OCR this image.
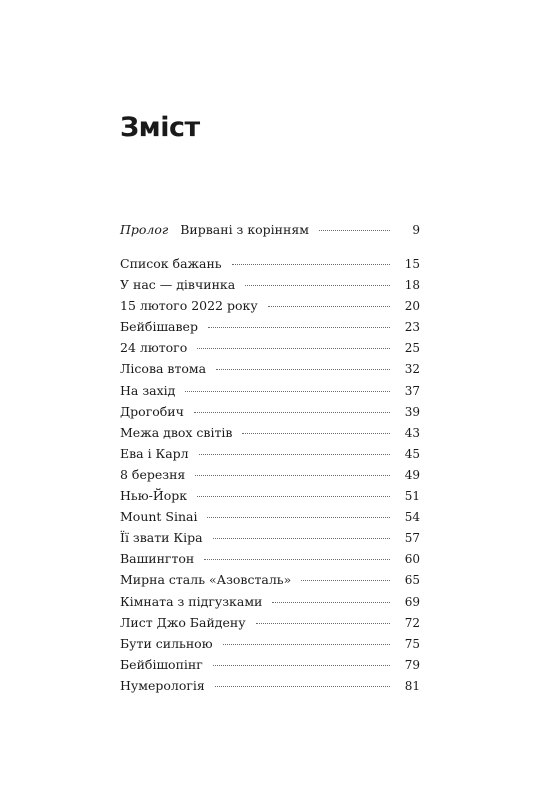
Зміст
Пролог Вирвані з корінням	9
Список бажань	15
У нас — дівчинка	18
15 лютого 2022 року	20
Бейбішавер	23
24 лютого	25
Лісова втома	32
На захід	37
Дрогобич	39
Межа двох світів	43
Ева і Карл	45
8 березня	49
Нью-Йорк	51
Mount Sinai	54
Її звати Кіра	57
Вашингтон	60
Мирна сталь «Азовсталь»	65
Кімната з підгузками	69
Лист Джо Байдену	72
Бути сильною	75
Бейбішопінг	79
Нумерологія	81
